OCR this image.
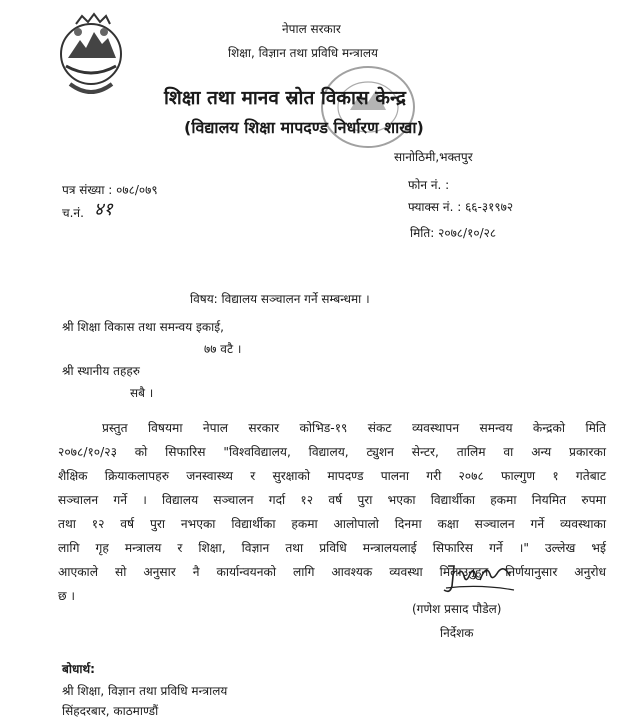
नेपाल सरकार
शिक्षा, विज्ञान तथा प्रविधि मन्त्रालय
शिक्षा तथा मानव स्रोत विकास केन्द्र
(विद्यालय शिक्षा मापदण्ड निर्धारण शाखा)
सानोठिमी,भक्तपुर
पत्र संख्या : ०७८/०७९
च.नं. ४१
फोन नं. :
फ्याक्स नं. : ६६-३१९७२
मिति: २०७८/१०/२८
विषय: विद्यालय सञ्चालन गर्ने सम्बन्धमा ।
श्री शिक्षा विकास तथा समन्वय इकाई,
७७ वटै ।
श्री स्थानीय तहहरु
सबै ।
प्रस्तुत विषयमा नेपाल सरकार कोभिड-१९ संकट व्यवस्थापन समन्वय केन्द्रको मिति
२०७८/१०/२३ को सिफारिस "विश्वविद्यालय, विद्यालय, ट्युशन सेन्टर, तालिम वा अन्य प्रकारका
शैक्षिक क्रियाकलापहरु जनस्वास्थ्य र सुरक्षाको मापदण्ड पालना गरी २०७८ फाल्गुण १ गतेबाट
सञ्चालन गर्ने । विद्यालय सञ्चालन गर्दा १२ वर्ष पुरा भएका विद्यार्थीका हकमा नियमित रुपमा
तथा १२ वर्ष पुरा नभएका विद्यार्थीका हकमा आलोपालो दिनमा कक्षा सञ्चालन गर्ने व्यवस्थाका
लागि गृह मन्त्रालय र शिक्षा, विज्ञान तथा प्रविधि मन्त्रालयलाई सिफारिस गर्ने ।" उल्लेख भई
आएकाले सो अनुसार नै कार्यान्वयनको लागि आवश्यक व्यवस्था मिलाउनुहुन निर्णयानुसार अनुरोध
छ ।
(गणेश प्रसाद पौडेल)
निर्देशक
बोधार्थ:
श्री शिक्षा, विज्ञान तथा प्रविधि मन्त्रालय
सिंहदरबार, काठमाण्डौं
